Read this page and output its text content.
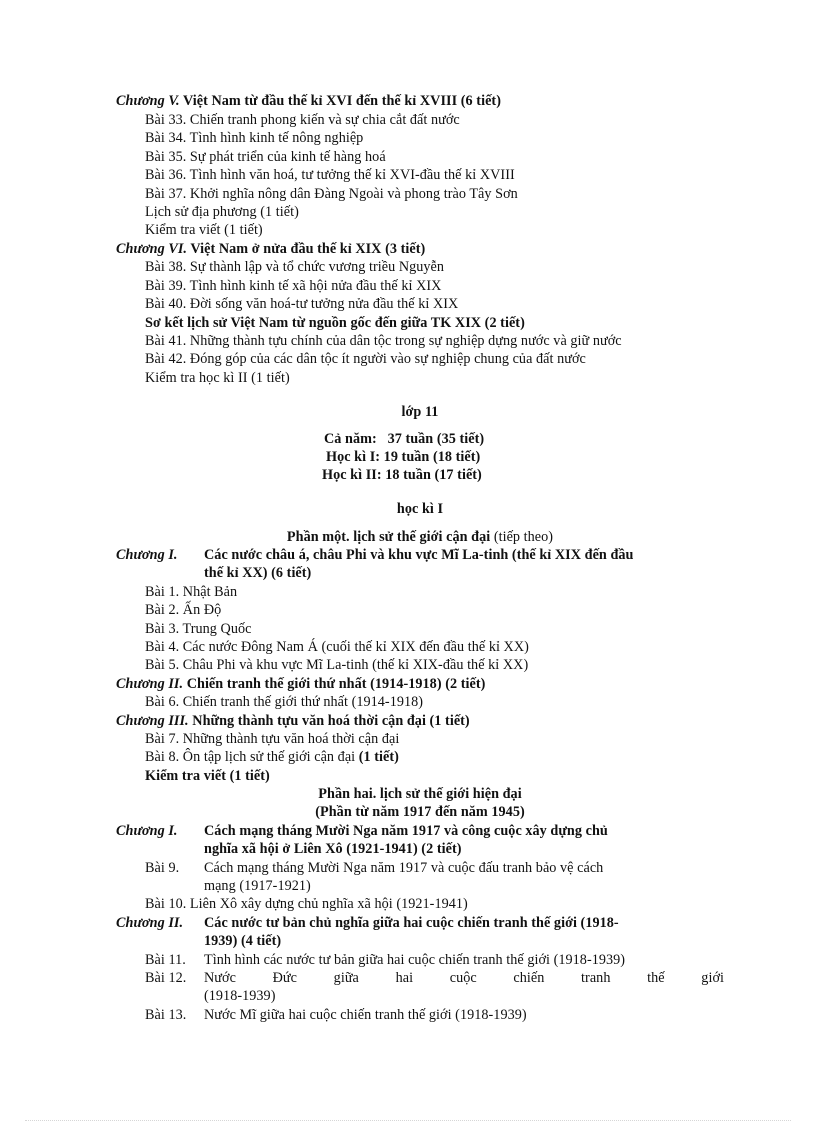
Chương V. Việt Nam từ đầu thế kỉ XVI đến thế kỉ XVIII (6 tiết)
Bài 33. Chiến tranh phong kiến và sự chia cắt đất nước
Bài 34. Tình hình kinh tế nông nghiệp
Bài 35. Sự phát triển của kinh tế hàng hoá
Bài 36. Tình hình văn hoá, tư tưởng thế kỉ XVI-đầu thế kỉ XVIII
Bài 37. Khởi nghĩa nông dân Đàng Ngoài và phong trào Tây Sơn
Lịch sử địa phương (1 tiết)
Kiểm tra viết (1 tiết)
Chương VI. Việt Nam ở nửa đầu thế kỉ XIX (3 tiết)
Bài 38. Sự thành lập và tổ chức vương triều Nguyễn
Bài 39. Tình hình kinh tế xã hội nửa đầu thế kỉ XIX
Bài 40. Đời sống văn hoá-tư tưởng nửa đầu thế kỉ XIX
Sơ kết lịch sử Việt Nam từ nguồn gốc đến giữa TK XIX (2 tiết)
Bài 41. Những thành tựu chính của dân tộc trong sự nghiệp dựng nước và giữ nước
Bài 42. Đóng góp của các dân tộc ít người vào sự nghiệp chung của đất nước
Kiểm tra học kì II (1 tiết)
lớp 11
Cả năm: 37 tuần (35 tiết)
Học kì I: 19 tuần (18 tiết)
Học kì II: 18 tuần (17 tiết)
học kì I
Phần một. lịch sử thế giới cận đại (tiếp theo)
Chương I. Các nước châu á, châu Phi và khu vực Mĩ La-tinh (thế kỉ XIX đến đầu
thế kỉ XX) (6 tiết)
Bài 1. Nhật Bản
Bài 2. Ấn Độ
Bài 3. Trung Quốc
Bài 4. Các nước Đông Nam Á (cuối thế kỉ XIX đến đầu thế kỉ XX)
Bài 5. Châu Phi và khu vực Mĩ La-tinh (thế kỉ XIX-đầu thế kỉ XX)
Chương II. Chiến tranh thế giới thứ nhất (1914-1918) (2 tiết)
Bài 6. Chiến tranh thế giới thứ nhất (1914-1918)
Chương III. Những thành tựu văn hoá thời cận đại (1 tiết)
Bài 7. Những thành tựu văn hoá thời cận đại
Bài 8. Ôn tập lịch sử thế giới cận đại (1 tiết)
Kiểm tra viết (1 tiết)
Phần hai. lịch sử thế giới hiện đại
(Phần từ năm 1917 đến năm 1945)
Chương I. Cách mạng tháng Mười Nga năm 1917 và công cuộc xây dựng chủ
nghĩa xã hội ở Liên Xô (1921-1941) (2 tiết)
Bài 9. Cách mạng tháng Mười Nga năm 1917 và cuộc đấu tranh bảo vệ cách
mạng (1917-1921)
Bài 10. Liên Xô xây dựng chủ nghĩa xã hội (1921-1941)
Chương II. Các nước tư bản chủ nghĩa giữa hai cuộc chiến tranh thế giới (1918-
1939) (4 tiết)
Bài 11. Tình hình các nước tư bản giữa hai cuộc chiến tranh thế giới (1918-1939)
Bài 12. Nước Đức giữa hai cuộc chiến tranh thế giới
(1918-1939)
Bài 13. Nước Mĩ giữa hai cuộc chiến tranh thế giới (1918-1939)
